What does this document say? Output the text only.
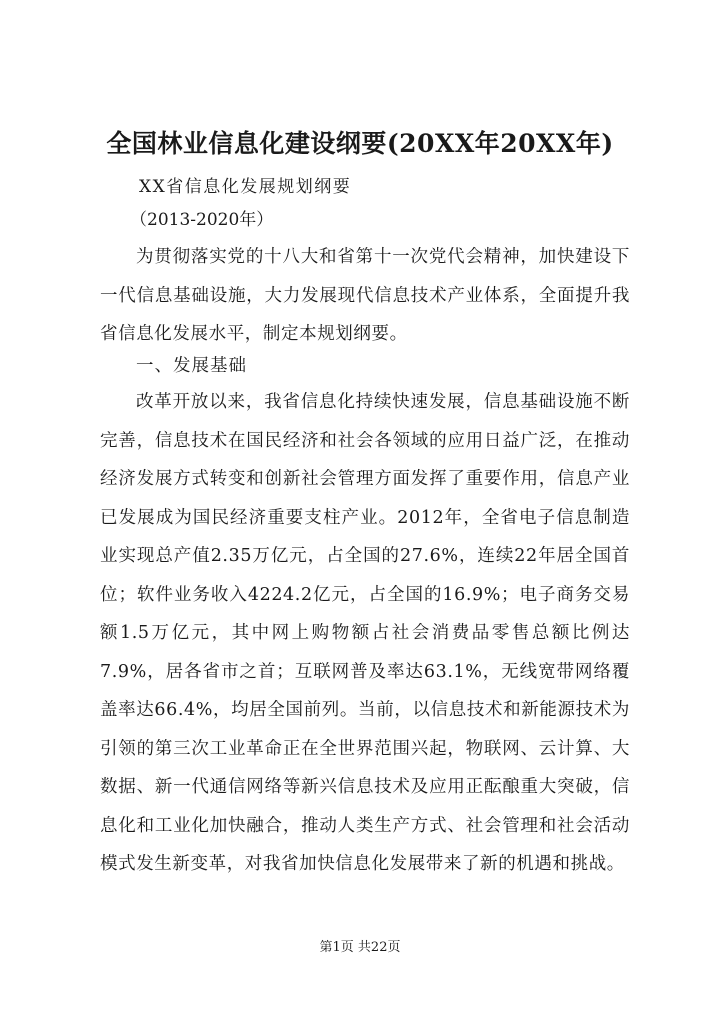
全国林业信息化建设纲要(20XX年20XX年)
XX省信息化发展规划纲要
（2013-2020年）
为贯彻落实党的十八大和省第十一次党代会精神，加快建设下一代信息基础设施，大力发展现代信息技术产业体系，全面提升我省信息化发展水平，制定本规划纲要。
一、发展基础
改革开放以来，我省信息化持续快速发展，信息基础设施不断完善，信息技术在国民经济和社会各领域的应用日益广泛，在推动经济发展方式转变和创新社会管理方面发挥了重要作用，信息产业已发展成为国民经济重要支柱产业。2012年，全省电子信息制造业实现总产值2.35万亿元，占全国的27.6%，连续22年居全国首位；软件业务收入4224.2亿元，占全国的16.9%；电子商务交易额1.5万亿元，其中网上购物额占社会消费品零售总额比例达7.9%，居各省市之首；互联网普及率达63.1%，无线宽带网络覆盖率达66.4%，均居全国前列。当前，以信息技术和新能源技术为引领的第三次工业革命正在全世界范围兴起，物联网、云计算、大数据、新一代通信网络等新兴信息技术及应用正酝酿重大突破，信息化和工业化加快融合，推动人类生产方式、社会管理和社会活动模式发生新变革，对我省加快信息化发展带来了新的机遇和挑战。
第1页 共22页
